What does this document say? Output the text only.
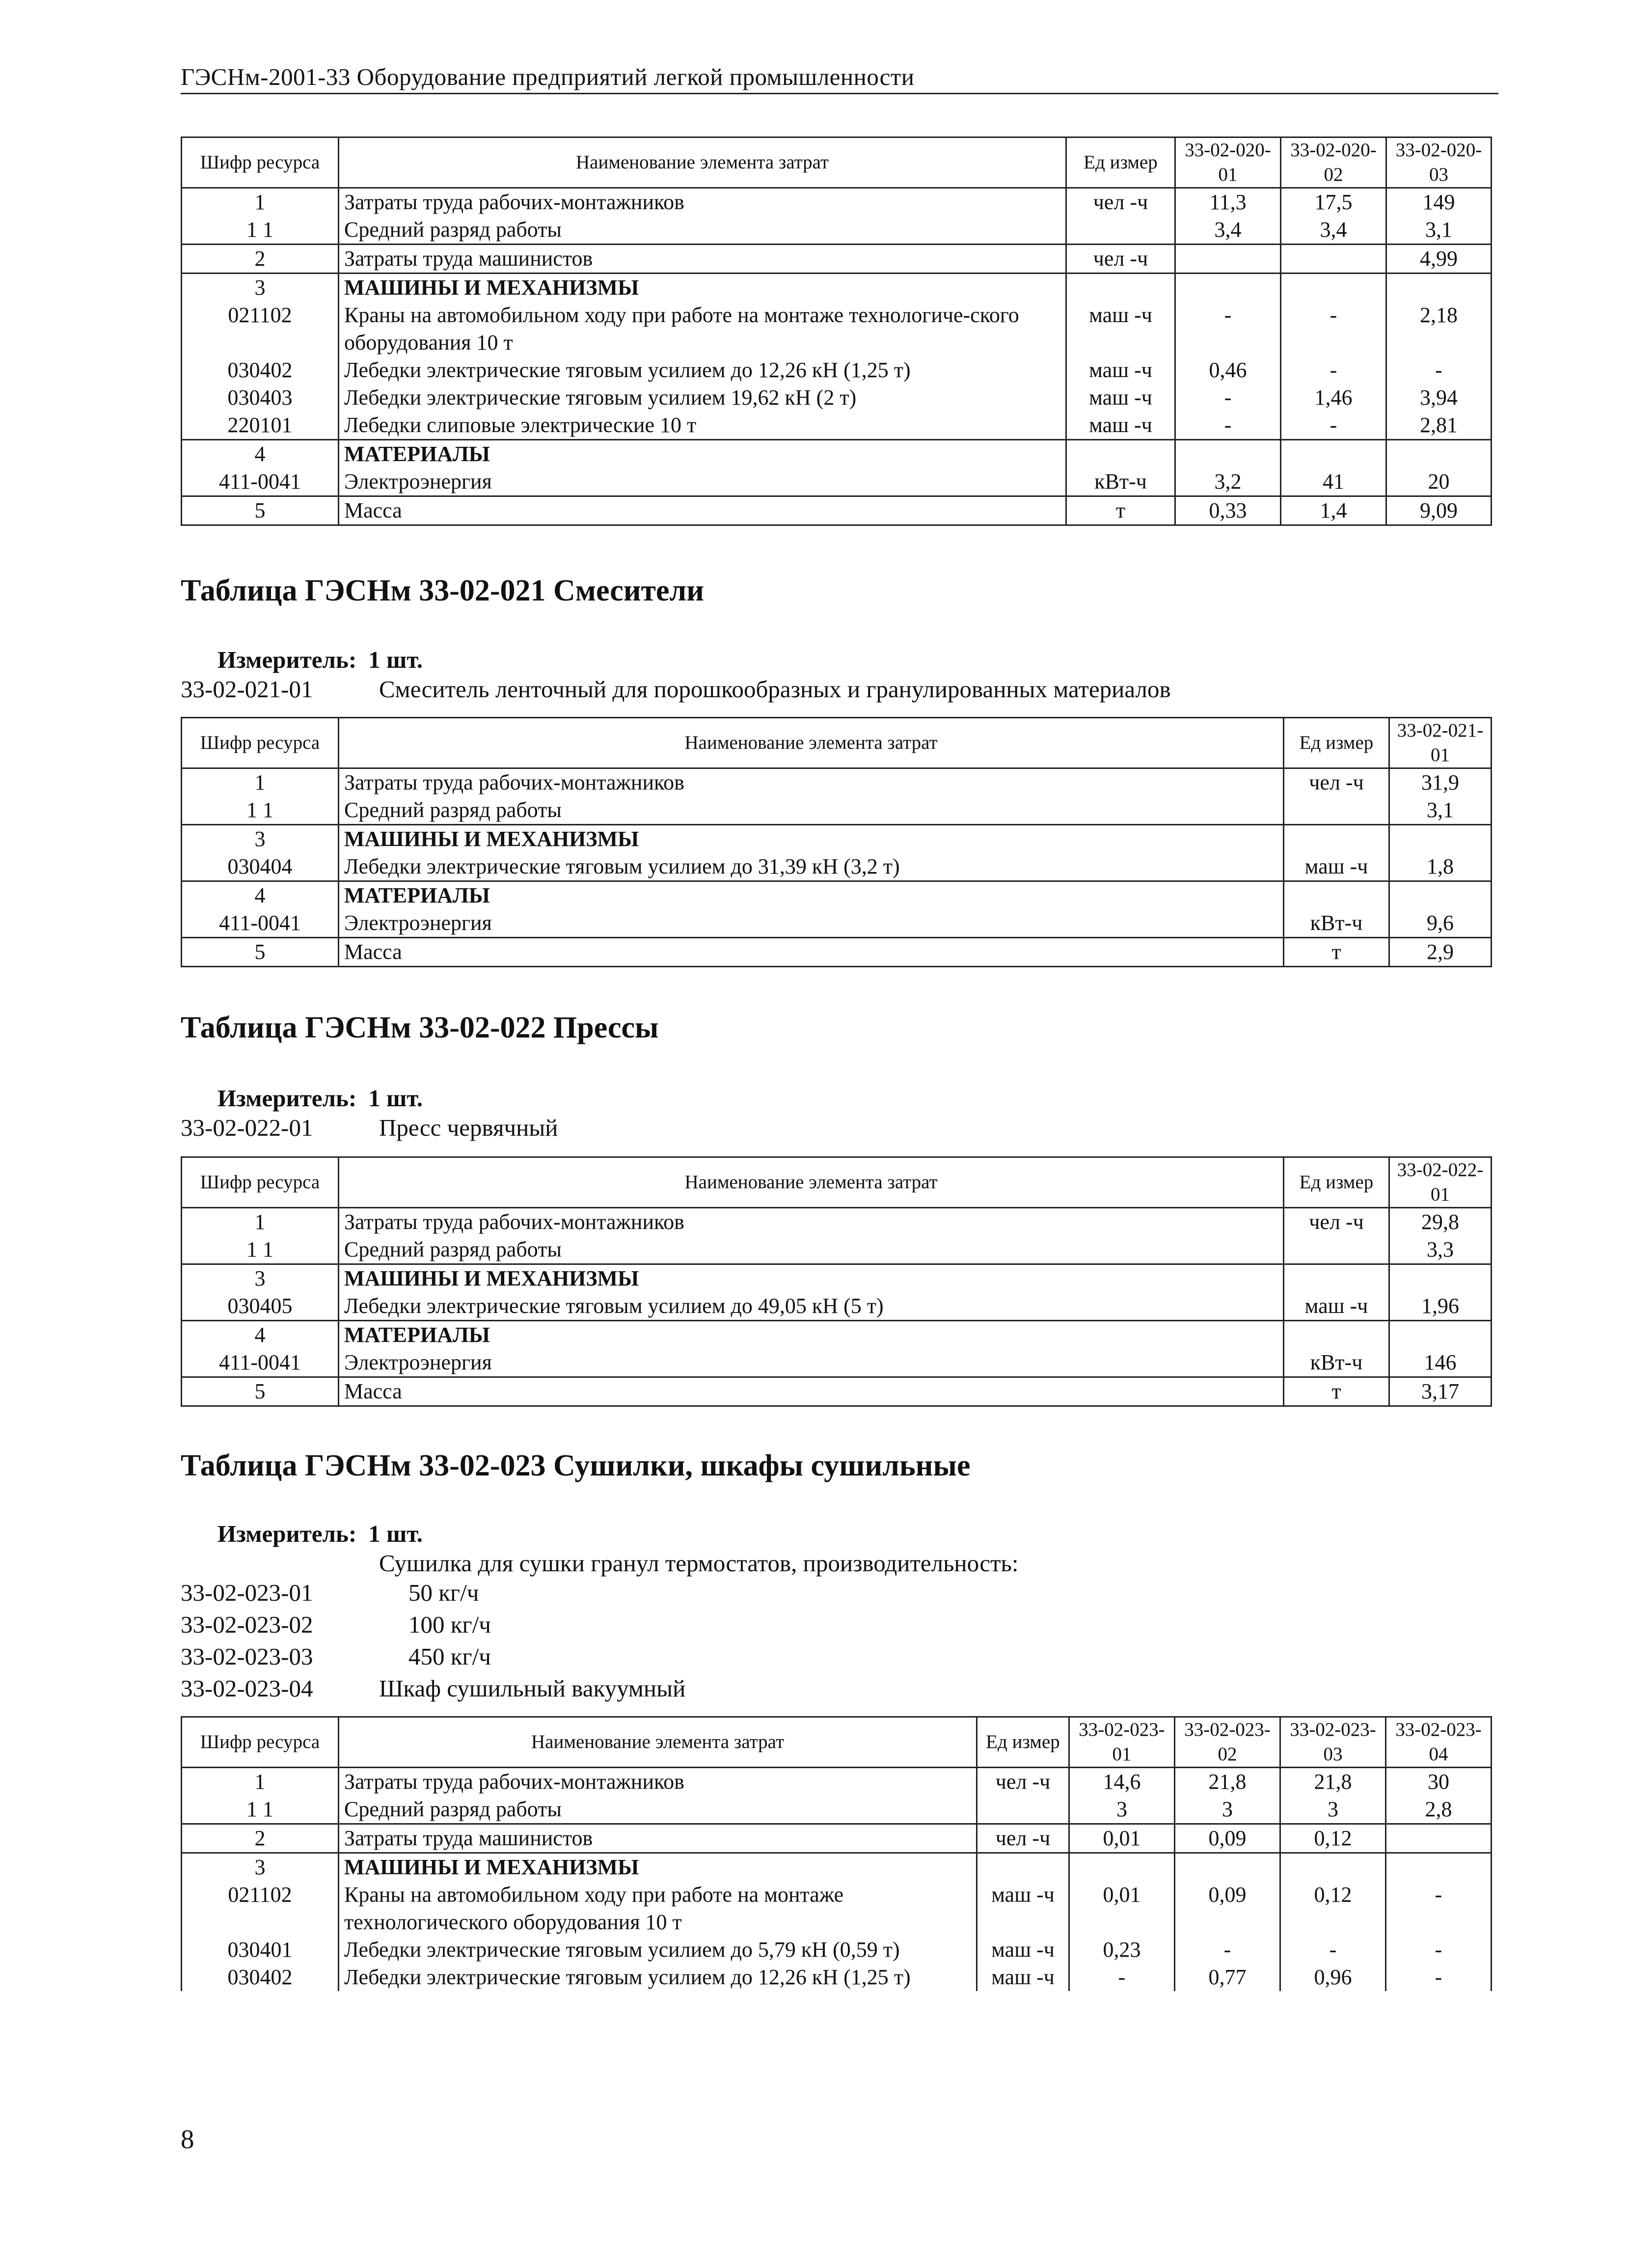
ГЭСНм-2001-33 Оборудование предприятий легкой промышленности
Шифр ресурса	Наименование элемента затрат	Ед измер	33-02-020-01	33-02-020-02	33-02-020-03
1	Затраты труда рабочих-монтажников	чел -ч	11,3	17,5	149
1 1	Средний разряд работы		3,4	3,4	3,1
2	Затраты труда машинистов	чел -ч			4,99
3	МАШИНЫ И МЕХАНИЗМЫ				
021102	Краны на автомобильном ходу при работе на монтаже технологиче-ского оборудования 10 т	маш -ч	-	-	2,18
030402	Лебедки электрические тяговым усилием до 12,26 кН (1,25 т)	маш -ч	0,46	-	-
030403	Лебедки электрические тяговым усилием 19,62 кН (2 т)	маш -ч	-	1,46	3,94
220101	Лебедки слиповые электрические 10 т	маш -ч	-	-	2,81
4	МАТЕРИАЛЫ				
411-0041	Электроэнергия	кВт-ч	3,2	41	20
5	Масса	т	0,33	1,4	9,09
Таблица ГЭСНм 33-02-021 Смесители
Измеритель: 1 шт.
33-02-021-01	Смеситель ленточный для порошкообразных и гранулированных материалов
Шифр ресурса	Наименование элемента затрат	Ед измер	33-02-021-01
1	Затраты труда рабочих-монтажников	чел -ч	31,9
1 1	Средний разряд работы		3,1
3	МАШИНЫ И МЕХАНИЗМЫ		
030404	Лебедки электрические тяговым усилием до 31,39 кН (3,2 т)	маш -ч	1,8
4	МАТЕРИАЛЫ		
411-0041	Электроэнергия	кВт-ч	9,6
5	Масса	т	2,9
Таблица ГЭСНм 33-02-022 Прессы
Измеритель: 1 шт.
33-02-022-01	Пресс червячный
Шифр ресурса	Наименование элемента затрат	Ед измер	33-02-022-01
1	Затраты труда рабочих-монтажников	чел -ч	29,8
1 1	Средний разряд работы		3,3
3	МАШИНЫ И МЕХАНИЗМЫ		
030405	Лебедки электрические тяговым усилием до 49,05 кН (5 т)	маш -ч	1,96
4	МАТЕРИАЛЫ		
411-0041	Электроэнергия	кВт-ч	146
5	Масса	т	3,17
Таблица ГЭСНм 33-02-023 Сушилки, шкафы сушильные
Измеритель: 1 шт.
Сушилка для сушки гранул термостатов, производительность:
33-02-023-01	50 кг/ч
33-02-023-02	100 кг/ч
33-02-023-03	450 кг/ч
33-02-023-04	Шкаф сушильный вакуумный
Шифр ресурса	Наименование элемента затрат	Ед измер	33-02-023-01	33-02-023-02	33-02-023-03	33-02-023-04
1	Затраты труда рабочих-монтажников	чел -ч	14,6	21,8	21,8	30
1 1	Средний разряд работы		3	3	3	2,8
2	Затраты труда машинистов	чел -ч	0,01	0,09	0,12	
3	МАШИНЫ И МЕХАНИЗМЫ					
021102	Краны на автомобильном ходу при работе на монтаже технологического оборудования 10 т	маш -ч	0,01	0,09	0,12	-
030401	Лебедки электрические тяговым усилием до 5,79 кН (0,59 т)	маш -ч	0,23	-	-	-
030402	Лебедки электрические тяговым усилием до 12,26 кН (1,25 т)	маш -ч	-	0,77	0,96	-
8
